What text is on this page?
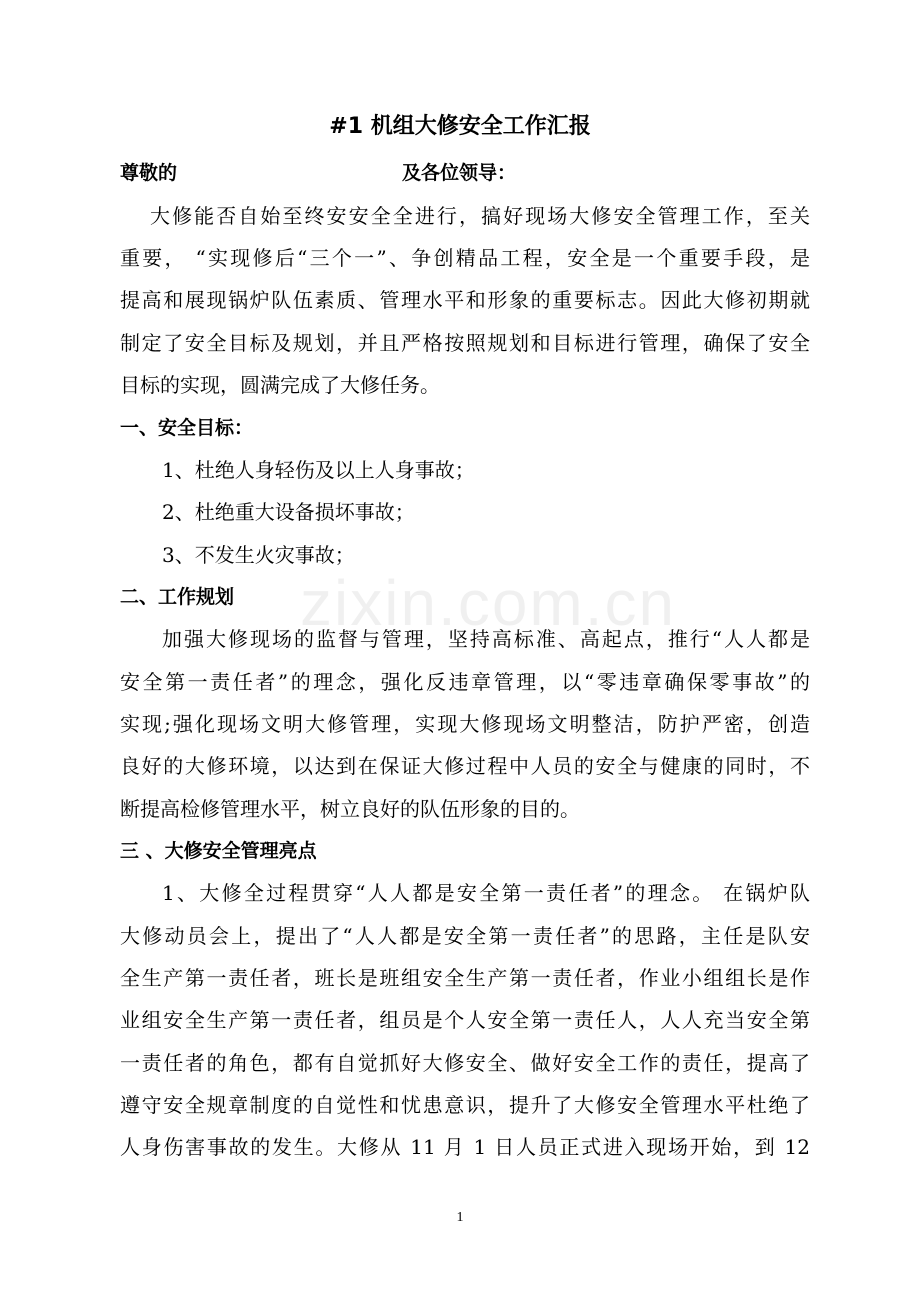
zixin.com.cn
#1 机组大修安全工作汇报
尊敬的	及各位领导：
大修能否自始至终安安全全进行，搞好现场大修安全管理工作，至关
重要， “实现修后“三个一”、争创精品工程，安全是一个重要手段，是
提高和展现锅炉队伍素质、管理水平和形象的重要标志。因此大修初期就
制定了安全目标及规划，并且严格按照规划和目标进行管理，确保了安全
目标的实现，圆满完成了大修任务。
一、安全目标：
1、杜绝人身轻伤及以上人身事故；
2、杜绝重大设备损坏事故；
3、不发生火灾事故；
二、工作规划
加强大修现场的监督与管理，坚持高标准、高起点，推行“人人都是
安全第一责任者”的理念，强化反违章管理，以“零违章确保零事故”的
实现;强化现场文明大修管理，实现大修现场文明整洁，防护严密，创造
良好的大修环境，以达到在保证大修过程中人员的安全与健康的同时，不
断提高检修管理水平，树立良好的队伍形象的目的。
三 、大修安全管理亮点
1、大修全过程贯穿“人人都是安全第一责任者”的理念。 在锅炉队
大修动员会上，提出了“人人都是安全第一责任者”的思路，主任是队安
全生产第一责任者，班长是班组安全生产第一责任者，作业小组组长是作
业组安全生产第一责任者，组员是个人安全第一责任人，人人充当安全第
一责任者的角色，都有自觉抓好大修安全、做好安全工作的责任，提高了
遵守安全规章制度的自觉性和忧患意识，提升了大修安全管理水平杜绝了
人身伤害事故的发生。大修从 11 月 1 日人员正式进入现场开始，到 12
1
